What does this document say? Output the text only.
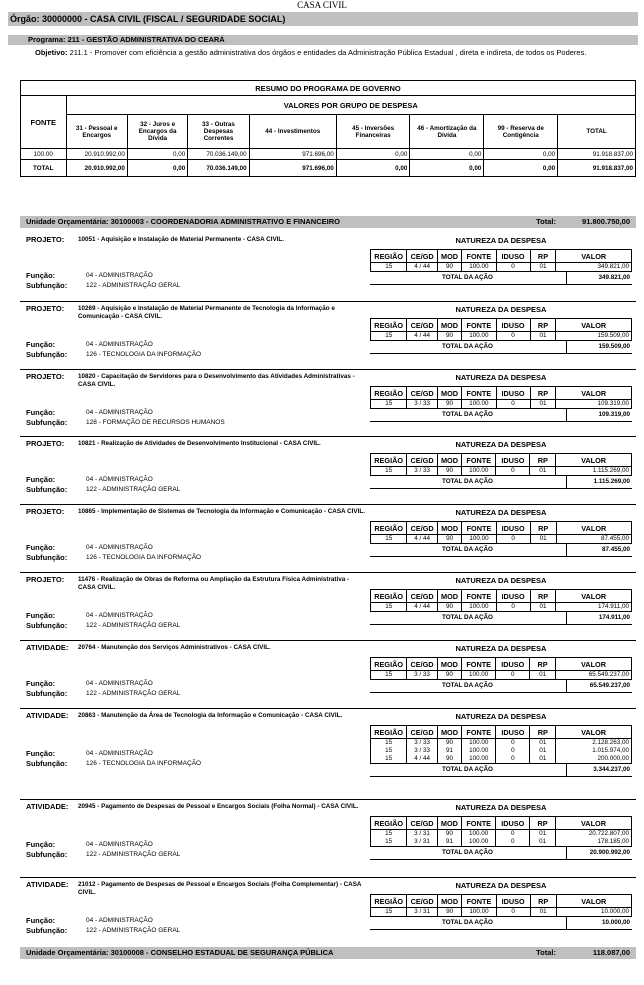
CASA CIVIL
Órgão: 30000000 - CASA CIVIL (FISCAL / SEGURIDADE SOCIAL)
Programa: 211 - GESTÃO ADMINISTRATIVA DO CEARÁ
Objetivo: 211.1 - Promover com eficiência a gestão administrativa dos órgãos e entidades da Administração Pública Estadual , direta e indireta, de todos os Poderes.
RESUMO DO PROGRAMA DE GOVERNO								
FONTE	VALORES POR GRUPO DE DESPESA							
	31 - Pessoal e Encargos	32 - Juros e Encargos da Dívida	33 - Outras Despesas Correntes	44 - Investimentos	45 - Inversões Financeiras	46 - Amortização da Dívida	99 - Reserva de Contigência	TOTAL
100.00	20.910.992,00	0,00	70.036.149,00	971.696,00	0,00	0,00	0,00	91.918.837,00
TOTAL	20.910.992,00	0,00	70.036.149,00	971.696,00	0,00	0,00	0,00	91.918.837,00
Unidade Orçamentária: 30100003 - COORDENADORIA ADMINISTRATIVO E FINANCEIRO	Total:	91.800.750,00
PROJETO: 10051 - Aquisição e Instalação de Material Permanente - CASA CIVIL.
Função:	04 - ADMINISTRAÇÃO
Subfunção:	122 - ADMINISTRAÇÃO GERAL
NATUREZA DA DESPESA
REGIÃO	CE/GD	MOD	FONTE	IDUSO	RP	VALOR
15	4 / 44	90	100.00	0	01	349.821,00
TOTAL DA AÇÃO	349.821,00
PROJETO: 10269 - Aquisição e Instalação de Material Permanente de Tecnologia da Informação e Comunicação - CASA CIVIL.
Função:	04 - ADMINISTRAÇÃO
Subfunção:	126 - TECNOLOGIA DA INFORMAÇÃO
NATUREZA DA DESPESA
REGIÃO	CE/GD	MOD	FONTE	IDUSO	RP	VALOR
15	4 / 44	90	100.00	0	01	159.509,00
TOTAL DA AÇÃO	159.509,00
PROJETO: 10820 - Capacitação de Servidores para o Desenvolvimento das Atividades Administrativas - CASA CIVIL.
Função:	04 - ADMINISTRAÇÃO
Subfunção:	128 - FORMAÇÃO DE RECURSOS HUMANOS
NATUREZA DA DESPESA
REGIÃO	CE/GD	MOD	FONTE	IDUSO	RP	VALOR
15	3 / 33	90	100.00	0	01	109.319,00
TOTAL DA AÇÃO	109.319,00
PROJETO: 10821 - Realização de Atividades de Desenvolvimento Institucional - CASA CIVIL.
Função:	04 - ADMINISTRAÇÃO
Subfunção:	122 - ADMINISTRAÇÃO GERAL
NATUREZA DA DESPESA
REGIÃO	CE/GD	MOD	FONTE	IDUSO	RP	VALOR
15	3 / 33	90	100.00	0	01	1.115.269,00
TOTAL DA AÇÃO	1.115.269,00
PROJETO: 10865 - Implementação de Sistemas de Tecnologia da Informação e Comunicação - CASA CIVIL.
Função:	04 - ADMINISTRAÇÃO
Subfunção:	126 - TECNOLOGIA DA INFORMAÇÃO
NATUREZA DA DESPESA
REGIÃO	CE/GD	MOD	FONTE	IDUSO	RP	VALOR
15	4 / 44	90	100.00	0	01	87.455,00
TOTAL DA AÇÃO	87.455,00
PROJETO: 11476 - Realização de Obras de Reforma ou Ampliação da Estrutura Física Administrativa - CASA CIVIL.
Função:	04 - ADMINISTRAÇÃO
Subfunção:	122 - ADMINISTRAÇÃO GERAL
NATUREZA DA DESPESA
REGIÃO	CE/GD	MOD	FONTE	IDUSO	RP	VALOR
15	4 / 44	90	100.00	0	01	174.911,00
TOTAL DA AÇÃO	174.911,00
ATIVIDADE: 20764 - Manutenção dos Serviços Administrativos - CASA CIVIL.
Função:	04 - ADMINISTRAÇÃO
Subfunção:	122 - ADMINISTRAÇÃO GERAL
NATUREZA DA DESPESA
REGIÃO	CE/GD	MOD	FONTE	IDUSO	RP	VALOR
15	3 / 33	90	100.00	0	01	65.549.237,00
TOTAL DA AÇÃO	65.549.237,00
ATIVIDADE: 20863 - Manutenção da Área de Tecnologia da Informação e Comunicação - CASA CIVIL.
Função:	04 - ADMINISTRAÇÃO
Subfunção:	126 - TECNOLOGIA DA INFORMAÇÃO
NATUREZA DA DESPESA
REGIÃO	CE/GD	MOD	FONTE	IDUSO	RP	VALOR
15	3 / 33	90	100.00	0	01	2.128.263,00
15	3 / 33	91	100.00	0	01	1.015.974,00
15	4 / 44	90	100.00	0	01	200.000,00
TOTAL DA AÇÃO	3.344.237,00
ATIVIDADE: 20945 - Pagamento de Despesas de Pessoal e Encargos Sociais (Folha Normal) - CASA CIVIL.
Função:	04 - ADMINISTRAÇÃO
Subfunção:	122 - ADMINISTRAÇÃO GERAL
NATUREZA DA DESPESA
REGIÃO	CE/GD	MOD	FONTE	IDUSO	RP	VALOR
15	3 / 31	90	100.00	0	01	20.722.807,00
15	3 / 31	91	100.00	0	01	178.185,00
TOTAL DA AÇÃO	20.900.992,00
ATIVIDADE: 21012 - Pagamento de Despesas de Pessoal e Encargos Sociais (Folha Complementar) - CASA CIVIL.
Função:	04 - ADMINISTRAÇÃO
Subfunção:	122 - ADMINISTRAÇÃO GERAL
NATUREZA DA DESPESA
REGIÃO	CE/GD	MOD	FONTE	IDUSO	RP	VALOR
15	3 / 31	90	100.00	0	01	10.000,00
TOTAL DA AÇÃO	10.000,00
Unidade Orçamentária: 30100008 - CONSELHO ESTADUAL DE SEGURANÇA PÚBLICA	Total:	118.087,00
